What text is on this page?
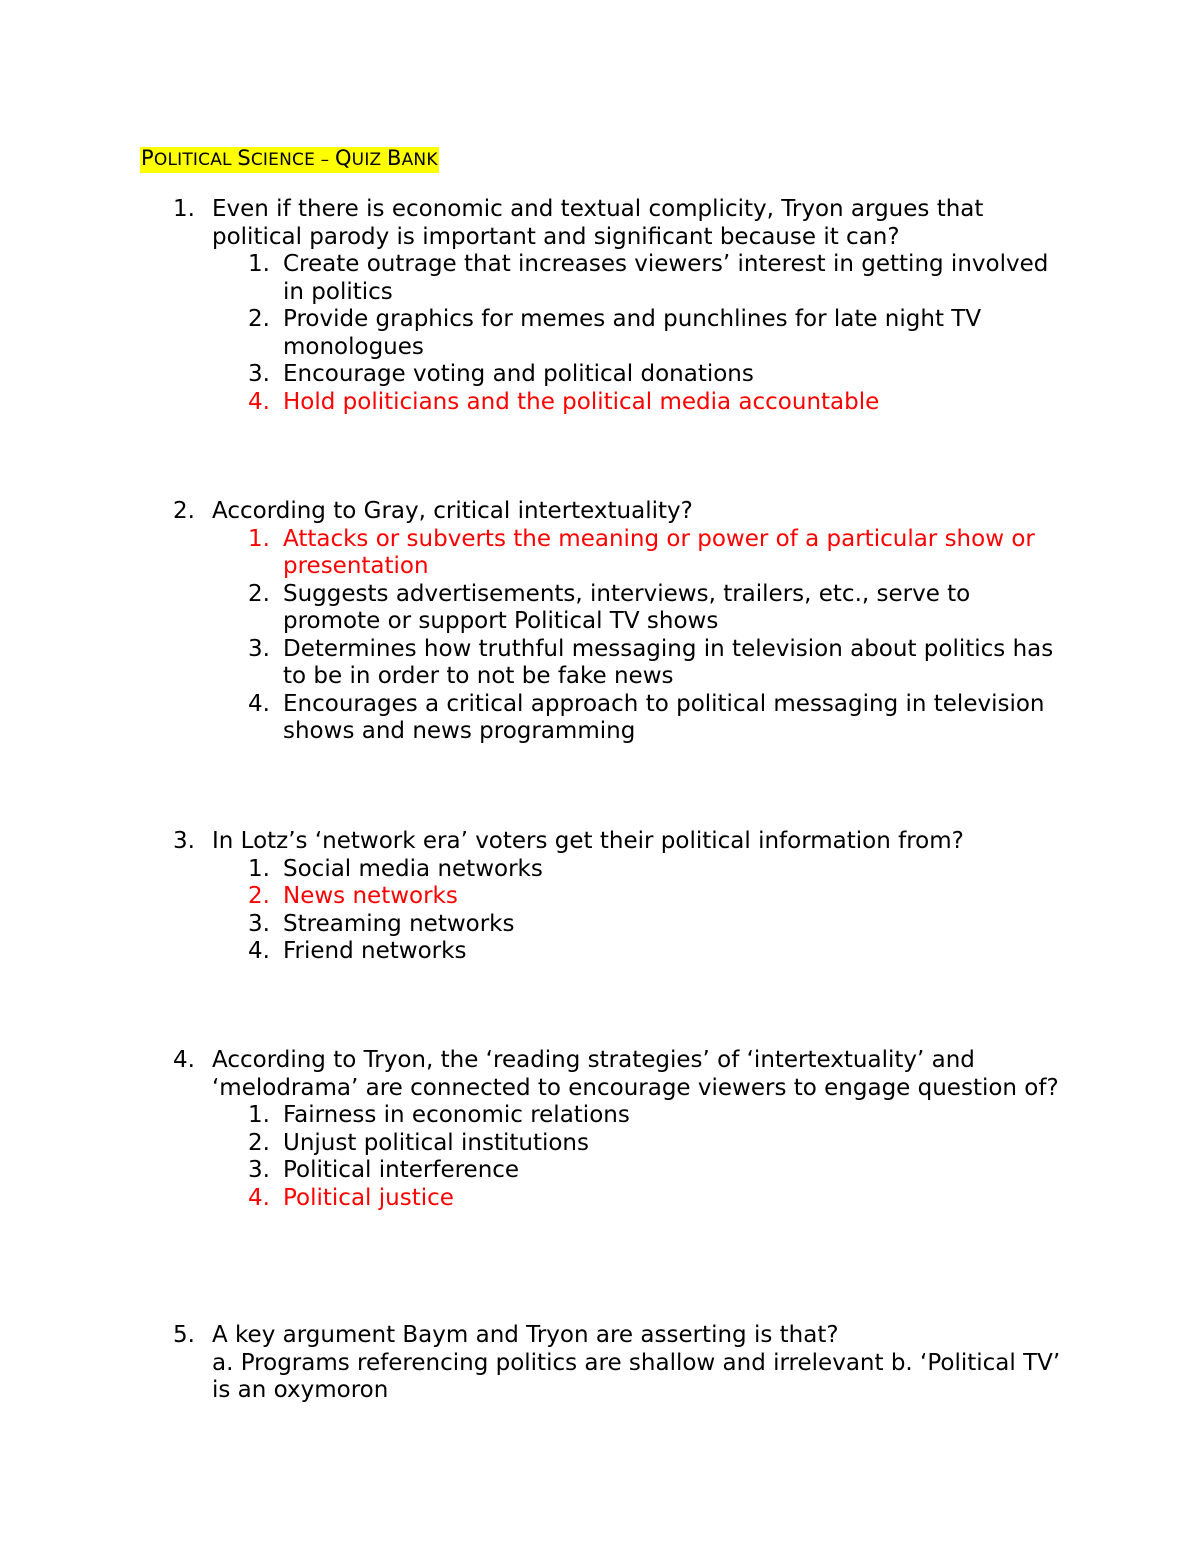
POLITICAL SCIENCE – QUIZ BANK
1. Even if there is economic and textual complicity, Tryon argues that political parody is important and significant because it can?
1. Create outrage that increases viewers’ interest in getting involved in politics
2. Provide graphics for memes and punchlines for late night TV monologues
3. Encourage voting and political donations
4. Hold politicians and the political media accountable
2. According to Gray, critical intertextuality?
1. Attacks or subverts the meaning or power of a particular show or presentation
2. Suggests advertisements, interviews, trailers, etc., serve to promote or support Political TV shows
3. Determines how truthful messaging in television about politics has to be in order to not be fake news
4. Encourages a critical approach to political messaging in television shows and news programming
3. In Lotz’s ‘network era’ voters get their political information from?
1. Social media networks
2. News networks
3. Streaming networks
4. Friend networks
4. According to Tryon, the ‘reading strategies’ of ‘intertextuality’ and ‘melodrama’ are connected to encourage viewers to engage question of?
1. Fairness in economic relations
2. Unjust political institutions
3. Political interference
4. Political justice
5. A key argument Baym and Tryon are asserting is that?
a. Programs referencing politics are shallow and irrelevant b. ‘Political TV’ is an oxymoron
